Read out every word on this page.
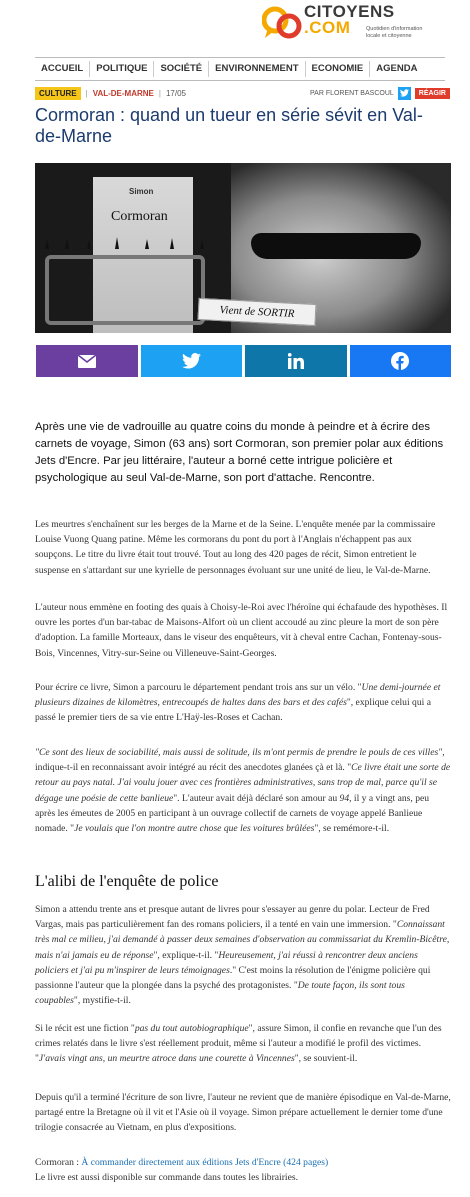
CITOYENS
.COM	Quotidien d'information locale et citoyenne
ACCUEIL	POLITIQUE	SOCIÉTÉ	ENVIRONNEMENT	ECONOMIE	AGENDA
CULTURE	| VAL-DE-MARNE | 17/05	PAR FLORENT BASCOUL	RÉAGIR
Cormoran : quand un tueur en série sévit en Val-de-Marne
Simon
Cormoran
Vient de SORTIR

Après une vie de vadrouille au quatre coins du monde à peindre et à écrire des carnets de voyage, Simon (63 ans) sort Cormoran, son premier polar aux éditions Jets d'Encre. Par jeu littéraire, l'auteur a borné cette intrigue policière et psychologique au seul Val-de-Marne, son port d'attache. Rencontre.

Les meurtres s'enchaînent sur les berges de la Marne et de la Seine. L'enquête menée par la commissaire Louise Vuong Quang patine. Même les cormorans du pont du port à l'Anglais n'échappent pas aux soupçons. Le titre du livre était tout trouvé. Tout au long des 420 pages de récit, Simon entretient le suspense en s'attardant sur une kyrielle de personnages évoluant sur une unité de lieu, le Val-de-Marne.

L'auteur nous emmène en footing des quais à Choisy-le-Roi avec l'héroïne qui échafaude des hypothèses. Il ouvre les portes d'un bar-tabac de Maisons-Alfort où un client accoudé au zinc pleure la mort de son père d'adoption. La famille Morteaux, dans le viseur des enquêteurs, vit à cheval entre Cachan, Fontenay-sous-Bois, Vincennes, Vitry-sur-Seine ou Villeneuve-Saint-Georges.

Pour écrire ce livre, Simon a parcouru le département pendant trois ans sur un vélo. "Une demi-journée et plusieurs dizaines de kilomètres, entrecoupés de haltes dans des bars et des cafés", explique celui qui a passé le premier tiers de sa vie entre L'Haÿ-les-Roses et Cachan.

"Ce sont des lieux de sociabilité, mais aussi de solitude, ils m'ont permis de prendre le pouls de ces villes", indique-t-il en reconnaissant avoir intégré au récit des anecdotes glanées çà et là. "Ce livre était une sorte de retour au pays natal. J'ai voulu jouer avec ces frontières administratives, sans trop de mal, parce qu'il se dégage une poésie de cette banlieue". L'auteur avait déjà déclaré son amour au 94, il y a vingt ans, peu après les émeutes de 2005 en participant à un ouvrage collectif de carnets de voyage appelé Banlieue nomade. "Je voulais que l'on montre autre chose que les voitures brûlées", se remémore-t-il.

L'alibi de l'enquête de police

Simon a attendu trente ans et presque autant de livres pour s'essayer au genre du polar. Lecteur de Fred Vargas, mais pas particulièrement fan des romans policiers, il a tenté en vain une immersion. "Connaissant très mal ce milieu, j'ai demandé à passer deux semaines d'observation au commissariat du Kremlin-Bicêtre, mais n'ai jamais eu de réponse", explique-t-il. "Heureusement, j'ai réussi à rencontrer deux anciens policiers et j'ai pu m'inspirer de leurs témoignages." C'est moins la résolution de l'énigme policière qui passionne l'auteur que la plongée dans la psyché des protagonistes. "De toute façon, ils sont tous coupables", mystifie-t-il.

Si le récit est une fiction "pas du tout autobiographique", assure Simon, il confie en revanche que l'un des crimes relatés dans le livre s'est réellement produit, même si l'auteur a modifié le profil des victimes. "J'avais vingt ans, un meurtre atroce dans une courette à Vincennes", se souvient-il.

Depuis qu'il a terminé l'écriture de son livre, l'auteur ne revient que de manière épisodique en Val-de-Marne, partagé entre la Bretagne où il vit et l'Asie où il voyage. Simon prépare actuellement le dernier tome d'une trilogie consacrée au Vietnam, en plus d'expositions.

Cormoran : À commander directement aux éditions Jets d'Encre (424 pages)

Le livre est aussi disponible sur commande dans toutes les librairies.
